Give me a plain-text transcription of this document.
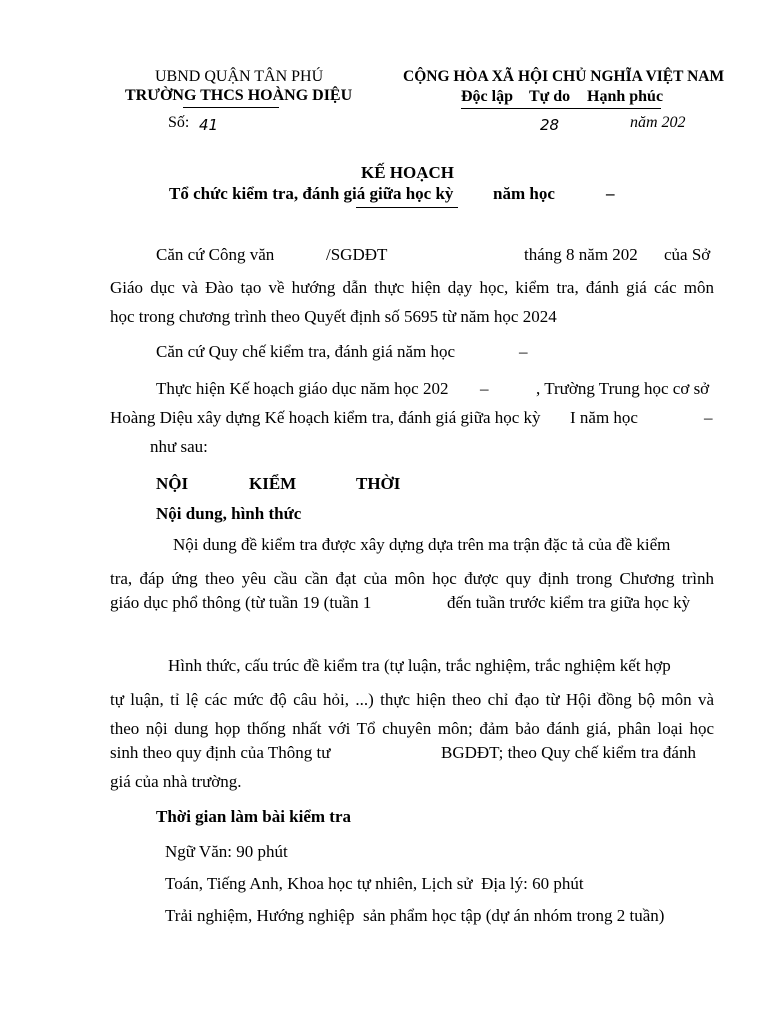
UBND QUẬN TÂN PHÚ
TRƯỜNG THCS HOÀNG DIỆU
Số: 41
CỘNG HÒA XÃ HỘI CHỦ NGHĨA VIỆT NAM
Độc lập Tự do Hạnh phúc
28	năm 202
KẾ HOẠCH
Tổ chức kiểm tra, đánh giá giữa học kỳ năm học	–
Căn cứ Công văn	/SGDĐT	tháng 8 năm 202 của Sở
Giáo dục và Đào tạo về hướng dẫn thực hiện dạy học, kiểm tra, đánh giá các môn
học trong chương trình theo Quyết định số 5695 từ năm học 2024
Căn cứ Quy chế kiểm tra, đánh giá năm học	–
Thực hiện Kế hoạch giáo dục năm học 202 –	, Trường Trung học cơ sở
Hoàng Diệu xây dựng Kế hoạch kiểm tra, đánh giá giữa học kỳ I năm học	–
như sau:
NỘI	KIỂM	THỜI
Nội dung, hình thức
Nội dung đề kiểm tra được xây dựng dựa trên ma trận đặc tả của đề kiểm
tra, đáp ứng theo yêu cầu cần đạt của môn học được quy định trong Chương trình
giáo dục phổ thông (từ tuần 19 (tuần 1	đến tuần trước kiểm tra giữa học kỳ
Hình thức, cấu trúc đề kiểm tra (tự luận, trắc nghiệm, trắc nghiệm kết hợp
tự luận, tỉ lệ các mức độ câu hỏi, ...) thực hiện theo chỉ đạo từ Hội đồng bộ môn và
theo nội dung họp thống nhất với Tổ chuyên môn; đảm bảo đánh giá, phân loại học
sinh theo quy định của Thông tư	BGDĐT; theo Quy chế kiểm tra đánh
giá của nhà trường.
Thời gian làm bài kiểm tra
Ngữ Văn: 90 phút
Toán, Tiếng Anh, Khoa học tự nhiên, Lịch sử  Địa lý: 60 phút
Trải nghiệm, Hướng nghiệp  sản phẩm học tập (dự án nhóm trong 2 tuần)
